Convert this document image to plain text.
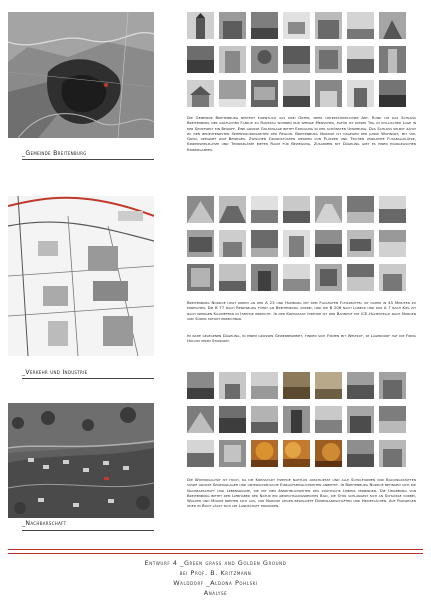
_Gemeinde Breitenburg

Die Gemeinde Breitenburg besteht eigentlich aus drei Orten, mehr unterschiedlicher Art. Rund um das Schloss Breitenburg der gräflichen Familie zu Rantzau wohnen nur wenige Menschen, dafür ist dieser Teil in idyllischer Lage in der Sportwelt ein Begriff. Eine grosse Golfanlage bietet Erholung in der schönsten Umgebung. Das Schloss selbst zählt zu den bedeutendsten Sehenswürdigkeiten der Region. Breitenburg Nordoe ist dagegen der junge Wohnort, mit viel Grün, geeignet zum Bewegen. Zwischen Grundstücken werden von Plätzen und Teichen umrahmte Fussballplätze, Kinderspielplätze und Tennisplätze bieten Raum für Bewegung. Zusammen mit Dägeling gibt es einen evangelischen Kindergarten.

_Verkehr und Industrie

Breitenburg Nordoe liegt direkt an der A 23 und Hamburg mit dem Flughafen Fuhlsbüttel ist daher in 45 Minuten zu erreichen. Die B 77 nach Rendsburg führt am Breitenburg vorbei, und die B 206 nach Lübeck und zur A 7 nach Kiel ist nach wenigen Kilometern in Itzehoe erreicht. In der Kreisstadt Itzehoe ist der Bahnhof mit ICE-Haltestelle nach Norden und Süden sofort erreichbar.

Im nahe gelegenen Dägeling, in einem grossen Gewerbegebiet, finden sich Firmen mit Weltruf, im Lägerdorf hat die Firma Holcim ihren Standort.

_Nachbarschaft

Die Wohnqualität ist hoch, da die Kreisstadt Itzehoe nahtlos anschliesst und alle Schulformen und Bildungsstätten sowie grosse Sportanlagen und unterschiedliche Einkaufsmöglichkeiten anbietet. In Breitenburg Nordoe befinden sich die Nachbarschaft und Lebensräume, die mit den Annehmlichkeiten des städtische Lebens verbinden. Die Umgebung von Breitenburg bietet dem Liebhaber der Natur ein abwechslungsreiches Bild, die Stör schlängelt sich an Schlösse vorbei, Wälder und Moore breiten sich aus, vor Nordoe liegen bewaldete Dünenlandschaften und Heideflächen. Auf Radwegen oder im Boot lässt sich die Landschaft erkunden.

Entwurf 4 _Green grass and Golden Ground
bei Prof. B. Kritzmann
Walddorf _Aldona Pohlski
Analyse
